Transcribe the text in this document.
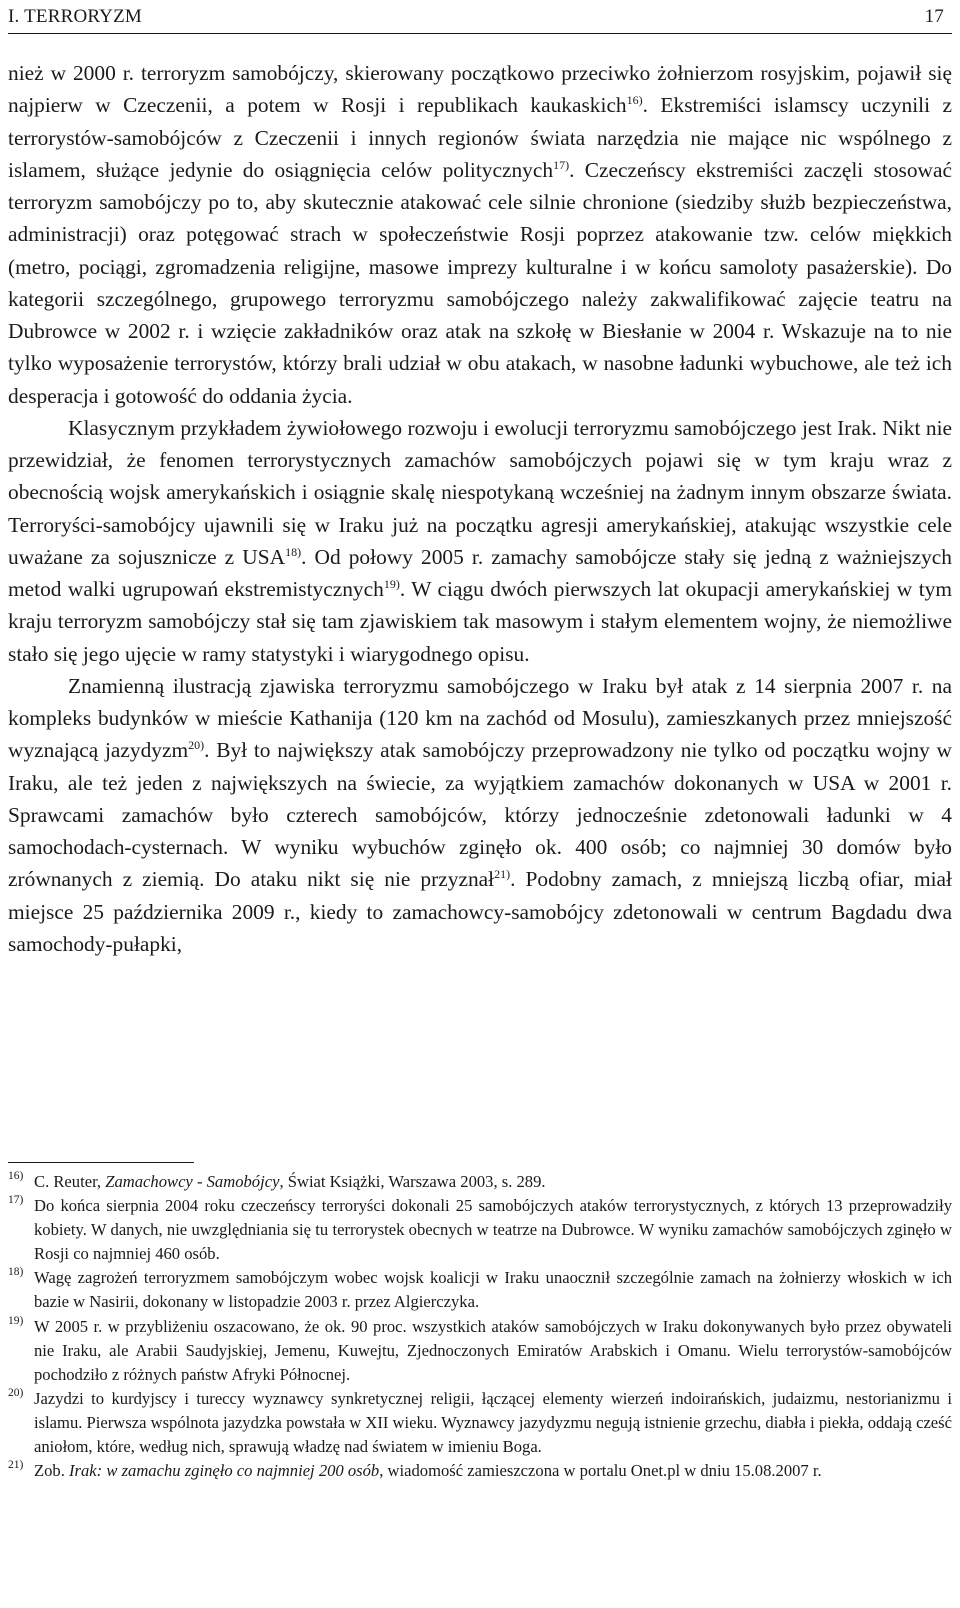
I. TERRORYZM	17

nież w 2000 r. terroryzm samobójczy, skierowany początkowo przeciwko żołnierzom rosyjskim, pojawił się najpierw w Czeczenii, a potem w Rosji i republikach kaukaskich$^{16)}$. Ekstremiści islamscy uczynili z terrorystów-samobójców z Czeczenii i innych regionów świata narzędzia nie mające nic wspólnego z islamem, służące jedynie do osiągnięcia celów politycznych$^{17)}$. Czeczeńscy ekstremiści zaczęli stosować terroryzm samobójczy po to, aby skutecznie atakować cele silnie chronione (siedziby służb bezpieczeństwa, administracji) oraz potęgować strach w społeczeństwie Rosji poprzez atakowanie tzw. celów miękkich (metro, pociągi, zgromadzenia religijne, masowe imprezy kulturalne i w końcu samoloty pasażerskie). Do kategorii szczególnego, grupowego terroryzmu samobójczego należy zakwalifikować zajęcie teatru na Dubrowce w 2002 r. i wzięcie zakładników oraz atak na szkołę w Biesłanie w 2004 r. Wskazuje na to nie tylko wyposażenie terrorystów, którzy brali udział w obu atakach, w nasobne ładunki wybuchowe, ale też ich desperacja i gotowość do oddania życia.

Klasycznym przykładem żywiołowego rozwoju i ewolucji terroryzmu samobójczego jest Irak. Nikt nie przewidział, że fenomen terrorystycznych zamachów samobójczych pojawi się w tym kraju wraz z obecnością wojsk amerykańskich i osiągnie skalę niespotykaną wcześniej na żadnym innym obszarze świata. Terroryści-samobójcy ujawnili się w Iraku już na początku agresji amerykańskiej, atakując wszystkie cele uważane za sojusznicze z USA$^{18)}$. Od połowy 2005 r. zamachy samobójcze stały się jedną z ważniejszych metod walki ugrupowań ekstremistycznych$^{19)}$. W ciągu dwóch pierwszych lat okupacji amerykańskiej w tym kraju terroryzm samobójczy stał się tam zjawiskiem tak masowym i stałym elementem wojny, że niemożliwe stało się jego ujęcie w ramy statystyki i wiarygodnego opisu.

Znamienną ilustracją zjawiska terroryzmu samobójczego w Iraku był atak z 14 sierpnia 2007 r. na kompleks budynków w mieście Kathanija (120 km na zachód od Mosulu), zamieszkanych przez mniejszość wyznającą jazydyzm$^{20)}$. Był to największy atak samobójczy przeprowadzony nie tylko od początku wojny w Iraku, ale też jeden z największych na świecie, za wyjątkiem zamachów dokonanych w USA w 2001 r. Sprawcami zamachów było czterech samobójców, którzy jednocześnie zdetonowali ładunki w 4 samochodach-cysternach. W wyniku wybuchów zginęło ok. 400 osób; co najmniej 30 domów było zrównanych z ziemią. Do ataku nikt się nie przyznał$^{21)}$. Podobny zamach, z mniejszą liczbą ofiar, miał miejsce 25 października 2009 r., kiedy to zamachowcy-samobójcy zdetonowali w centrum Bagdadu dwa samochody-pułapki,

16) C. Reuter, Zamachowcy - Samobójcy, Świat Książki, Warszawa 2003, s. 289.
17) Do końca sierpnia 2004 roku czeczeńscy terroryści dokonali 25 samobójczych ataków terrorystycznych, z których 13 przeprowadziły kobiety. W danych, nie uwzględniania się tu terrorystek obecnych w teatrze na Dubrowce. W wyniku zamachów samobójczych zginęło w Rosji co najmniej 460 osób.
18) Wagę zagrożeń terroryzmem samobójczym wobec wojsk koalicji w Iraku unaocznił szczególnie zamach na żołnierzy włoskich w ich bazie w Nasirii, dokonany w listopadzie 2003 r. przez Algierczyka.
19) W 2005 r. w przybliżeniu oszacowano, że ok. 90 proc. wszystkich ataków samobójczych w Iraku dokonywanych było przez obywateli nie Iraku, ale Arabii Saudyjskiej, Jemenu, Kuwejtu, Zjednoczonych Emiratów Arabskich i Omanu. Wielu terrorystów-samobójców pochodziło z różnych państw Afryki Północnej.
20) Jazydzi to kurdyjscy i tureccy wyznawcy synkretycznej religii, łączącej elementy wierzeń indoirańskich, judaizmu, nestorianizmu i islamu. Pierwsza wspólnota jazydzka powstała w XII wieku. Wyznawcy jazydyzmu negują istnienie grzechu, diabła i piekła, oddają cześć aniołom, które, według nich, sprawują władzę nad światem w imieniu Boga.
21) Zob. Irak: w zamachu zginęło co najmniej 200 osób, wiadomość zamieszczona w portalu Onet.pl w dniu 15.08.2007 r.
